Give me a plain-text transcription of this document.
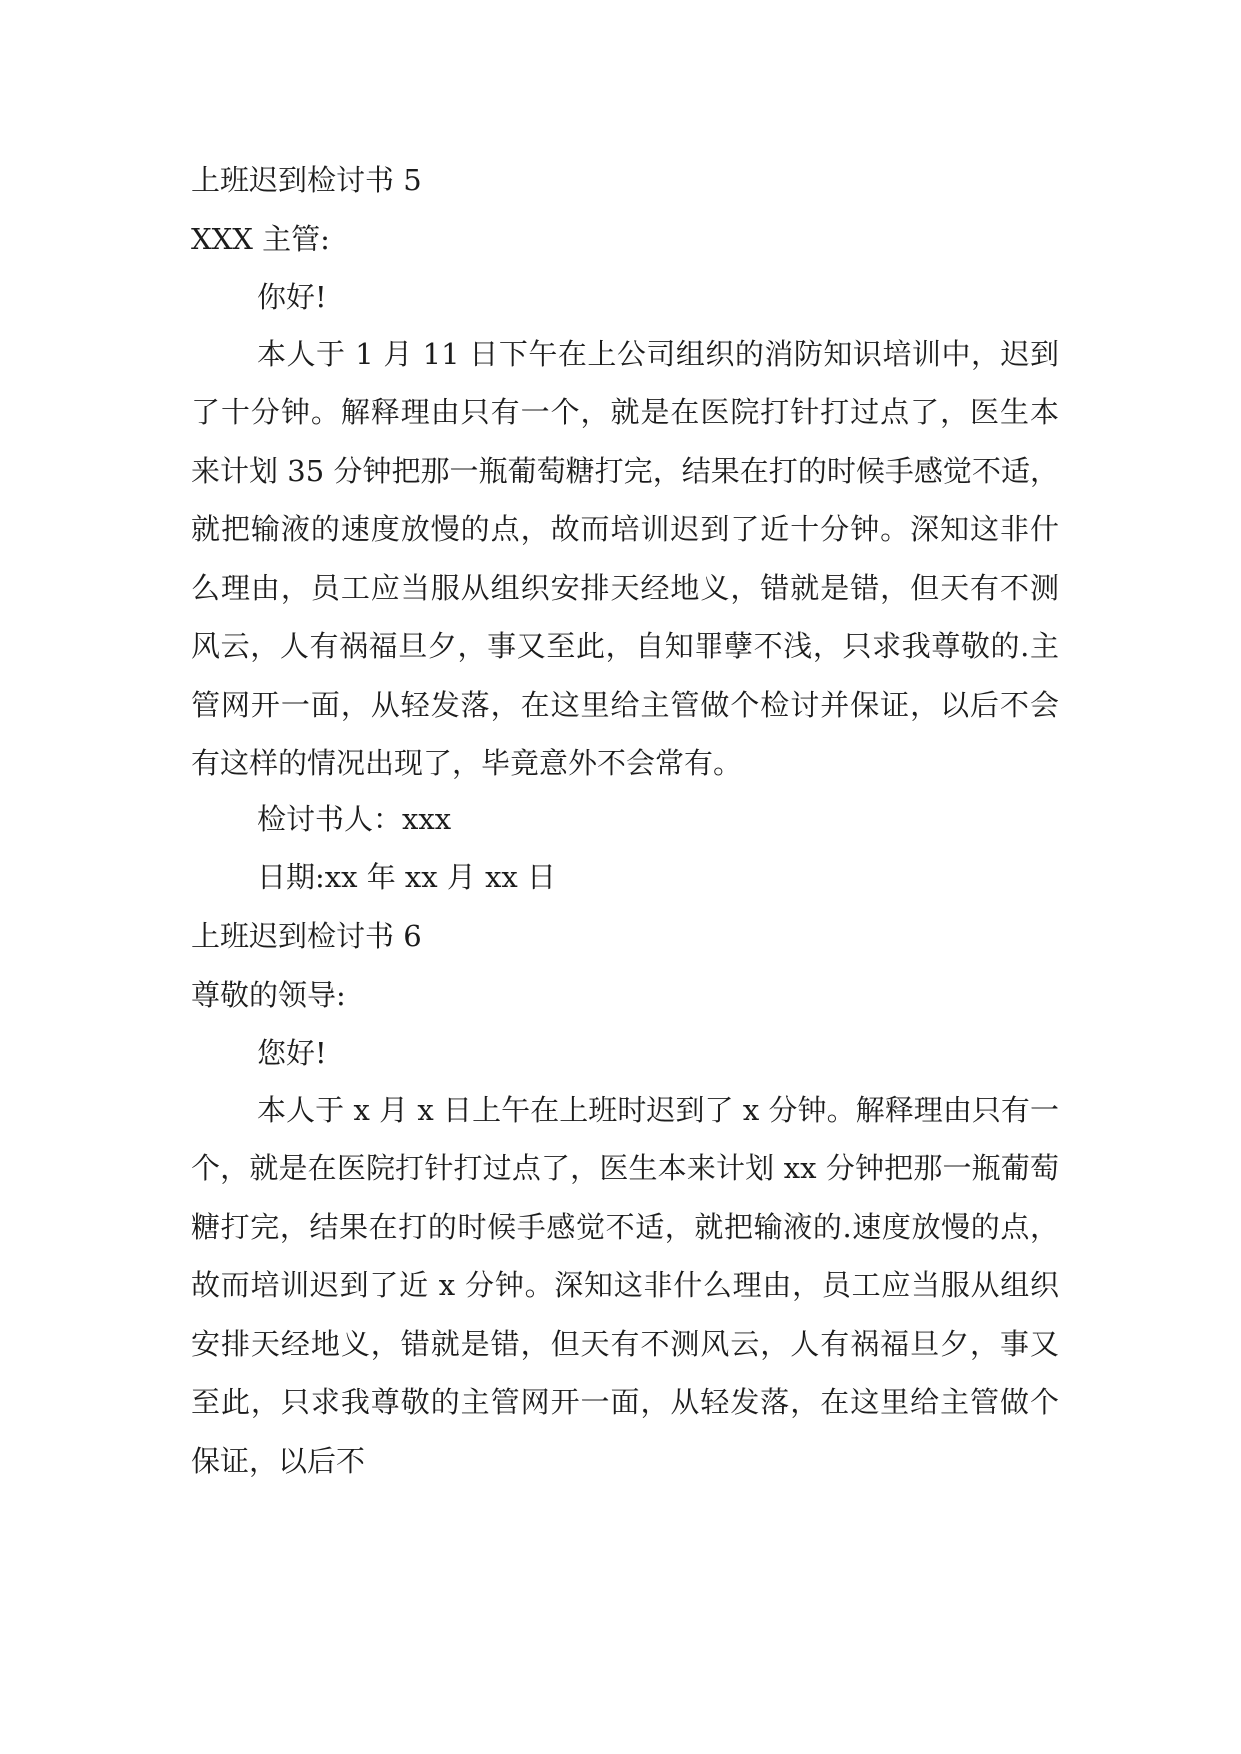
上班迟到检讨书 5
XXX 主管:
你好!
本人于 1 月 11 日下午在上公司组织的消防知识培训中，迟到了十分钟。解释理由只有一个，就是在医院打针打过点了，医生本来计划 35 分钟把那一瓶葡萄糖打完，结果在打的时候手感觉不适，就把输液的速度放慢的点，故而培训迟到了近十分钟。深知这非什么理由，员工应当服从组织安排天经地义，错就是错，但天有不测风云，人有祸福旦夕，事又至此，自知罪孽不浅，只求我尊敬的.主管网开一面，从轻发落，在这里给主管做个检讨并保证，以后不会有这样的情况出现了，毕竟意外不会常有。
检讨书人：xxx
日期:xx 年 xx 月 xx 日
上班迟到检讨书 6
尊敬的领导:
您好!
本人于 x 月 x 日上午在上班时迟到了 x 分钟。解释理由只有一个，就是在医院打针打过点了，医生本来计划 xx 分钟把那一瓶葡萄糖打完，结果在打的时候手感觉不适，就把输液的.速度放慢的点，故而培训迟到了近 x 分钟。深知这非什么理由，员工应当服从组织安排天经地义，错就是错，但天有不测风云，人有祸福旦夕，事又至此，只求我尊敬的主管网开一面，从轻发落，在这里给主管做个保证，以后不
